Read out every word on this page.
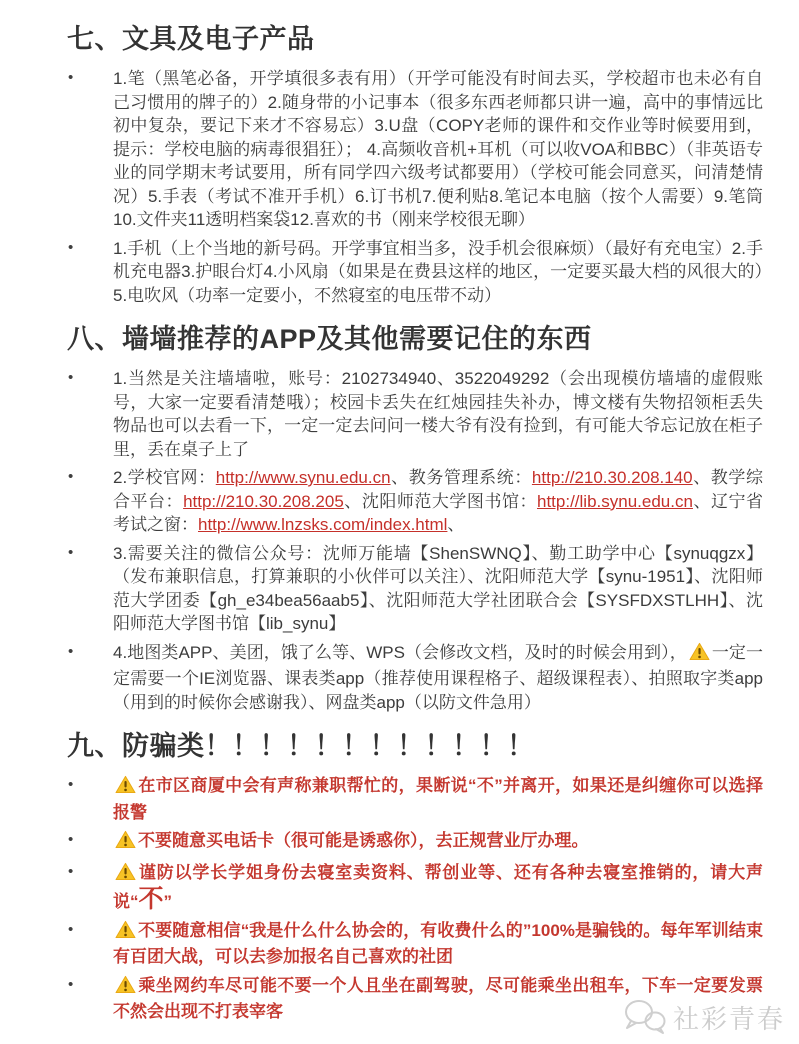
七、文具及电子产品
• 1.笔（黑笔必备，开学填很多表有用）（开学可能没有时间去买，学校超市也未必有自己习惯用的牌子的）2.随身带的小记事本（很多东西老师都只讲一遍，高中的事情远比初中复杂，要记下来才不容易忘）3.U盘（COPY老师的课件和交作业等时候要用到，提示：学校电脑的病毒很猖狂）； 4.高频收音机+耳机（可以收VOA和BBC）（非英语专业的同学期末考试要用，所有同学四六级考试都要用）（学校可能会同意买，问清楚情况）5.手表（考试不准开手机）6.订书机7.便利贴8.笔记本电脑（按个人需要）9.笔筒10.文件夹11透明档案袋12.喜欢的书（刚来学校很无聊）
• 1.手机（上个当地的新号码。开学事宜相当多，没手机会很麻烦）（最好有充电宝）2.手机充电器3.护眼台灯4.小风扇（如果是在费县这样的地区，一定要买最大档的风很大的）5.电吹风（功率一定要小，不然寝室的电压带不动）
八、墙墙推荐的APP及其他需要记住的东西
• 1.当然是关注墙墙啦，账号：2102734940、3522049292（会出现模仿墙墙的虚假账号，大家一定要看清楚哦）；校园卡丢失在红烛园挂失补办，博文楼有失物招领柜丢失物品也可以去看一下，一定一定去问问一楼大爷有没有捡到，有可能大爷忘记放在柜子里，丢在桌子上了
• 2.学校官网：http://www.synu.edu.cn、教务管理系统：http://210.30.208.140、教学综合平台：http://210.30.208.205、沈阳师范大学图书馆：http://lib.synu.edu.cn、辽宁省考试之窗：http://www.lnzsks.com/index.html、
• 3.需要关注的微信公众号：沈师万能墙【ShenSWNQ】、勤工助学中心【synuqgzx】（发布兼职信息，打算兼职的小伙伴可以关注）、沈阳师范大学【synu-1951】、沈阳师范大学团委【gh_e34bea56aab5】、沈阳师范大学社团联合会【SYSFDXSTLHH】、沈阳师范大学图书馆【lib_synu】
• 4.地图类APP、美团，饿了么等、WPS（会修改文档，及时的时候会用到）， 一定一定需要一个IE浏览器、课表类app（推荐使用课程格子、超级课程表）、拍照取字类app（用到的时候你会感谢我）、网盘类app（以防文件急用）
九、防骗类！！！！！！！！！！！！
•	在市区商厦中会有声称兼职帮忙的，果断说“不”并离开，如果还是纠缠你可以选择报警
•	不要随意买电话卡（很可能是诱惑你），去正规营业厅办理。
•	谨防以学长学姐身份去寝室卖资料、帮创业等、还有各种去寝室推销的，请大声说“不”
•	不要随意相信“我是什么什么协会的，有收费什么的”100%是骗钱的。每年军训结束有百团大战，可以去参加报名自己喜欢的社团
•	乘坐网约车尽可能不要一个人且坐在副驾驶，尽可能乘坐出租车，下车一定要发票不然会出现不打表宰客	社彩青春
